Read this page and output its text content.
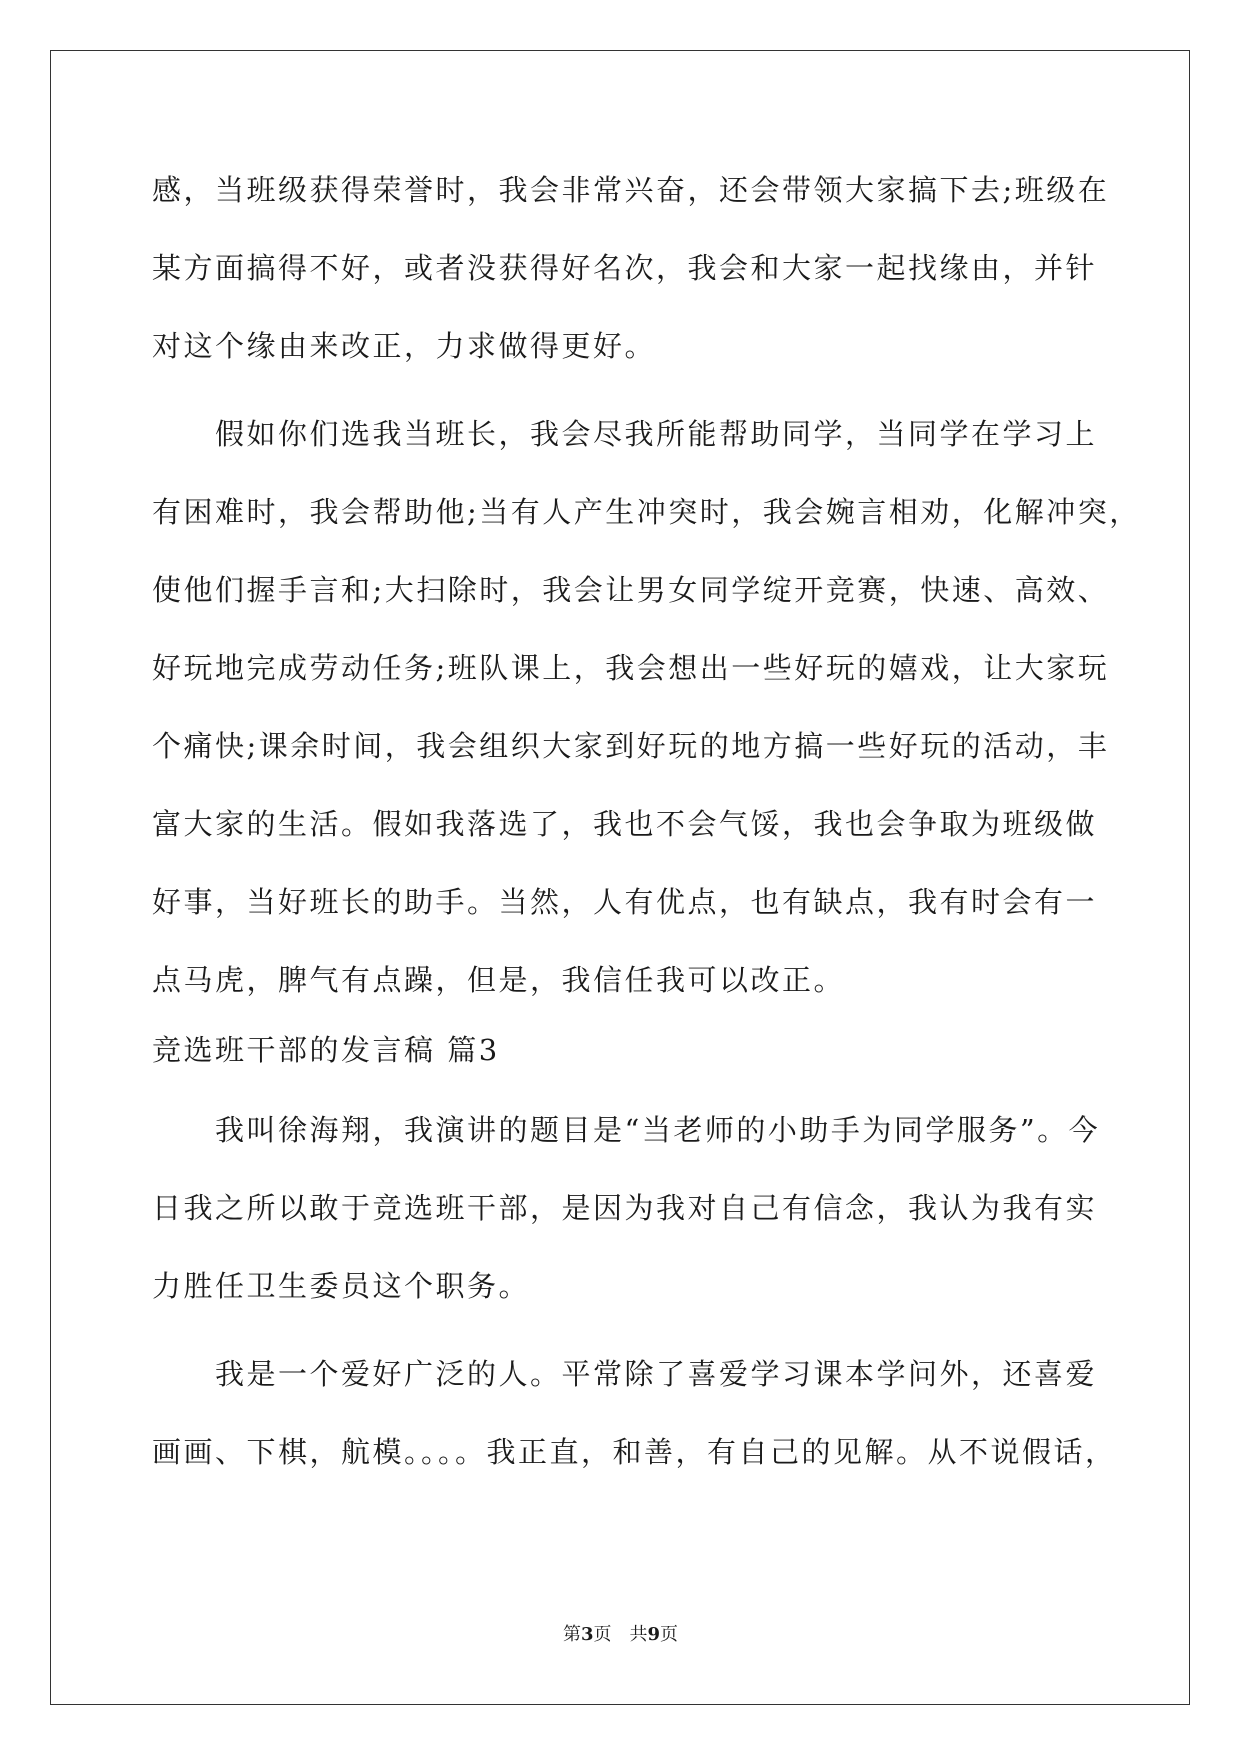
感，当班级获得荣誉时，我会非常兴奋，还会带领大家搞下去;班级在
某方面搞得不好，或者没获得好名次，我会和大家一起找缘由，并针
对这个缘由来改正，力求做得更好。
　　假如你们选我当班长，我会尽我所能帮助同学，当同学在学习上
有困难时，我会帮助他;当有人产生冲突时，我会婉言相劝，化解冲突，
使他们握手言和;大扫除时，我会让男女同学绽开竞赛，快速、高效、
好玩地完成劳动任务;班队课上，我会想出一些好玩的嬉戏，让大家玩
个痛快;课余时间，我会组织大家到好玩的地方搞一些好玩的活动，丰
富大家的生活。假如我落选了，我也不会气馁，我也会争取为班级做
好事，当好班长的助手。当然，人有优点，也有缺点，我有时会有一
点马虎，脾气有点躁，但是，我信任我可以改正。
竞选班干部的发言稿 篇3
　　我叫徐海翔，我演讲的题目是“当老师的小助手为同学服务”。今
日我之所以敢于竞选班干部，是因为我对自己有信念，我认为我有实
力胜任卫生委员这个职务。
　　我是一个爱好广泛的人。平常除了喜爱学习课本学问外，还喜爱
画画、下棋，航模。。。。我正直，和善，有自己的见解。从不说假话，
第3页　共9页
